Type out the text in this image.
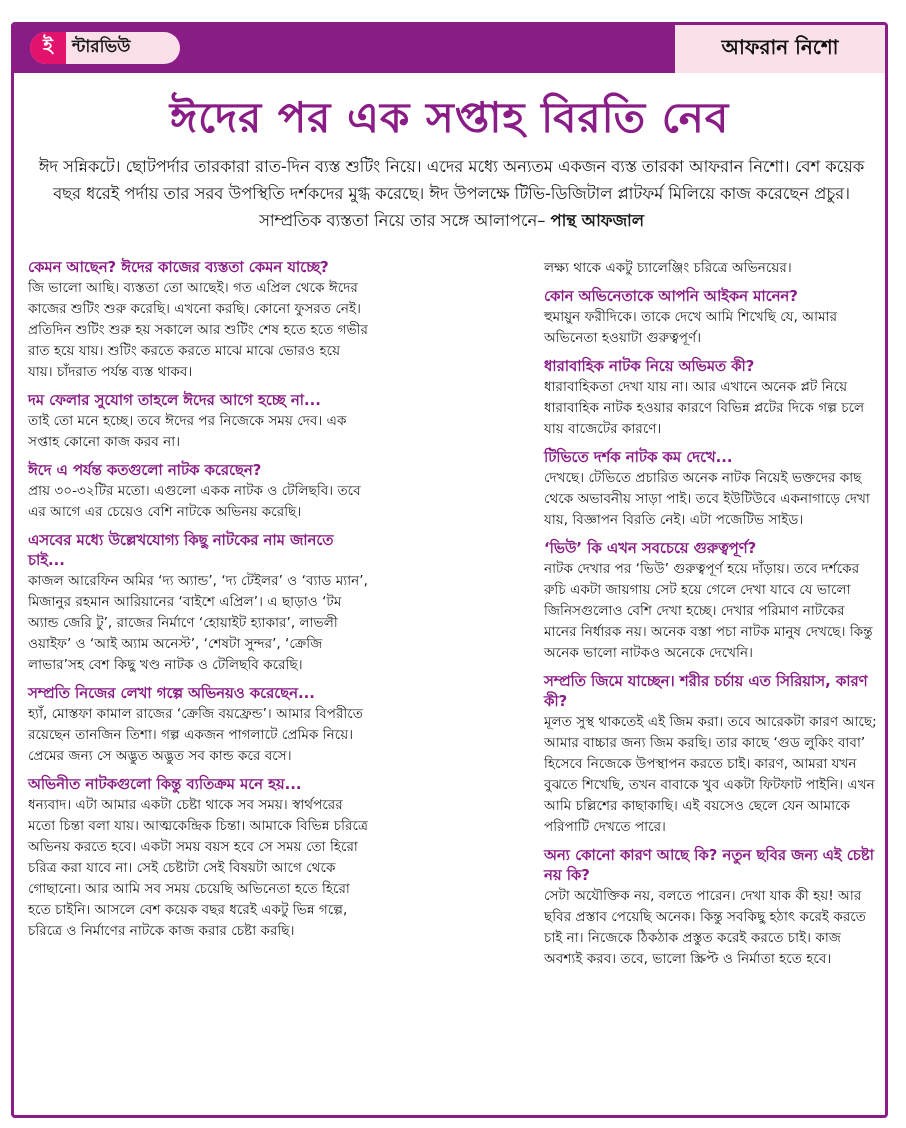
ই	ন্টারভিউ	আফরান নিশো
ঈদের পর এক সপ্তাহ বিরতি নেব
ঈদ সন্নিকটে। ছোটপর্দার তারকারা রাত-দিন ব্যস্ত শুটিং নিয়ে। এদের মধ্যে অন্যতম একজন ব্যস্ত তারকা আফরান নিশো। বেশ কয়েক বছর ধরেই পর্দায় তার সরব উপস্থিতি দর্শকদের মুগ্ধ করেছে। ঈদ উপলক্ষে টিভি-ডিজিটাল প্লাটফর্ম মিলিয়ে কাজ করেছেন প্রচুর। সাম্প্রতিক ব্যস্ততা নিয়ে তার সঙ্গে আলাপনে– পান্থ আফজাল
কেমন আছেন? ঈদের কাজের ব্যস্ততা কেমন যাচ্ছে?

জি ভালো আছি। ব্যস্ততা তো আছেই। গত এপ্রিল থেকে ঈদের কাজের শুটিং শুরু করেছি। এখনো করছি। কোনো ফুসরত নেই। প্রতিদিন শুটিং শুরু হয় সকালে আর শুটিং শেষ হতে হতে গভীর রাত হয়ে যায়। শুটিং করতে করতে মাঝে মাঝে ভোরও হয়ে যায়। চাঁদরাত পর্যন্ত ব্যস্ত থাকব।

দম ফেলার সুযোগ তাহলে ঈদের আগে হচ্ছে না...

তাই তো মনে হচ্ছে। তবে ঈদের পর নিজেকে সময় দেব। এক সপ্তাহ কোনো কাজ করব না।

ঈদে এ পর্যন্ত কতগুলো নাটক করেছেন?

প্রায় ৩০-৩২টির মতো। এগুলো একক নাটক ও টেলিছবি। তবে এর আগে এর চেয়েও বেশি নাটকে অভিনয় করেছি।

এসবের মধ্যে উল্লেখযোগ্য কিছু নাটকের নাম জানতে চাই...

কাজল আরেফিন অমির ‘দ্য অ্যান্ড’, ‘দ্য টেইলর’ ও ‘ব্যাড ম্যান’, মিজানুর রহমান আরিয়ানের ‘বাইশে এপ্রিল’। এ ছাড়াও ‘টম অ্যান্ড জেরি টু’, রাজের নির্মাণে ‘হোয়াইট হ্যাকার’, লাভলী ওয়াইফ’ ও ‘আই অ্যাম অনেস্ট’, ‘শেষটা সুন্দর’, ‘ক্রেজি লাভার’সহ বেশ কিছু খণ্ড নাটক ও টেলিছবি করেছি।

সম্প্রতি নিজের লেখা গল্পে অভিনয়ও করেছেন...

হ্যাঁ, মোস্তফা কামাল রাজের ‘ক্রেজি বয়ফ্রেন্ড’। আমার বিপরীতে রয়েছেন তানজিন তিশা। গল্প একজন পাগলাটে প্রেমিক নিয়ে। প্রেমের জন্য সে অদ্ভুত অদ্ভুত সব কান্ড করে বসে।

অভিনীত নাটকগুলো কিন্তু ব্যতিক্রম মনে হয়...

ধন্যবাদ। এটা আমার একটা চেষ্টা থাকে সব সময়। স্বার্থপরের মতো চিন্তা বলা যায়। আত্মকেন্দ্রিক চিন্তা। আমাকে বিভিন্ন চরিত্রে অভিনয় করতে হবে। একটা সময় বয়স হবে সে সময় তো হিরো চরিত্র করা যাবে না। সেই চেষ্টাটা সেই বিষয়টা আগে থেকে গোছানো। আর আমি সব সময় চেয়েছি অভিনেতা হতে হিরো হতে চাইনি। আসলে বেশ কয়েক বছর ধরেই একটু ভিন্ন গল্পে, চরিত্রে ও নির্মাণের নাটকে কাজ করার চেষ্টা করছি।

লক্ষ্য থাকে একটু চ্যালেঞ্জিং চরিত্রে অভিনয়ের।

কোন অভিনেতাকে আপনি আইকন মানেন?

হুমায়ুন ফরীদিকে। তাকে দেখে আমি শিখেছি যে, আমার অভিনেতা হওয়াটা গুরুত্বপূর্ণ।

ধারাবাহিক নাটক নিয়ে অভিমত কী?

ধারাবাহিকতা দেখা যায় না। আর এখানে অনেক প্লট নিয়ে ধারাবাহিক নাটক হওয়ার কারণে বিভিন্ন প্লটের দিকে গল্প চলে যায় বাজেটের কারণে।

টিভিতে দর্শক নাটক কম দেখে...

দেখছে। টেভিতে প্রচারিত অনেক নাটক নিয়েই ভক্তদের কাছ থেকে অভাবনীয় সাড়া পাই। তবে ইউটিউবে একনাগাড়ে দেখা যায়, বিজ্ঞাপন বিরতি নেই। এটা পজেটিভ সাইড।

‘ভিউ’ কি এখন সবচেয়ে গুরুত্বপূর্ণ?

নাটক দেখার পর ‘ভিউ’ গুরুত্বপূর্ণ হয়ে দাঁড়ায়। তবে দর্শকের রুচি একটা জায়গায় সেট হয়ে গেলে দেখা যাবে যে ভালো জিনিসগুলোও বেশি দেখা হচ্ছে। দেখার পরিমাণ নাটকের মানের নির্ধারক নয়। অনেক বস্তা পচা নাটক মানুষ দেখছে। কিন্তু অনেক ভালো নাটকও অনেকে দেখেনি।

সম্প্রতি জিমে যাচ্ছেন। শরীর চর্চায় এত সিরিয়াস, কারণ কী?

মূলত সুস্থ থাকতেই এই জিম করা। তবে আরেকটা কারণ আছে; আমার বাচ্চার জন্য জিম করছি। তার কাছে ‘গুড লুকিং বাবা’ হিসেবে নিজেকে উপস্থাপন করতে চাই। কারণ, আমরা যখন বুঝতে শিখেছি, তখন বাবাকে খুব একটা ফিটফাট পাইনি। এখন আমি চল্লিশের কাছাকাছি। এই বয়সেও ছেলে যেন আমাকে পরিপাটি দেখতে পারে।

অন্য কোনো কারণ আছে কি? নতুন ছবির জন্য এই চেষ্টা নয় কি?

সেটা অযৌক্তিক নয়, বলতে পারেন। দেখা যাক কী হয়! আর ছবির প্রস্তাব পেয়েছি অনেক। কিন্তু সবকিছু হঠাৎ করেই করতে চাই না। নিজেকে ঠিকঠাক প্রস্তুত করেই করতে চাই। কাজ অবশ্যই করব। তবে, ভালো স্ক্রিপ্ট ও নির্মাতা হতে হবে।
